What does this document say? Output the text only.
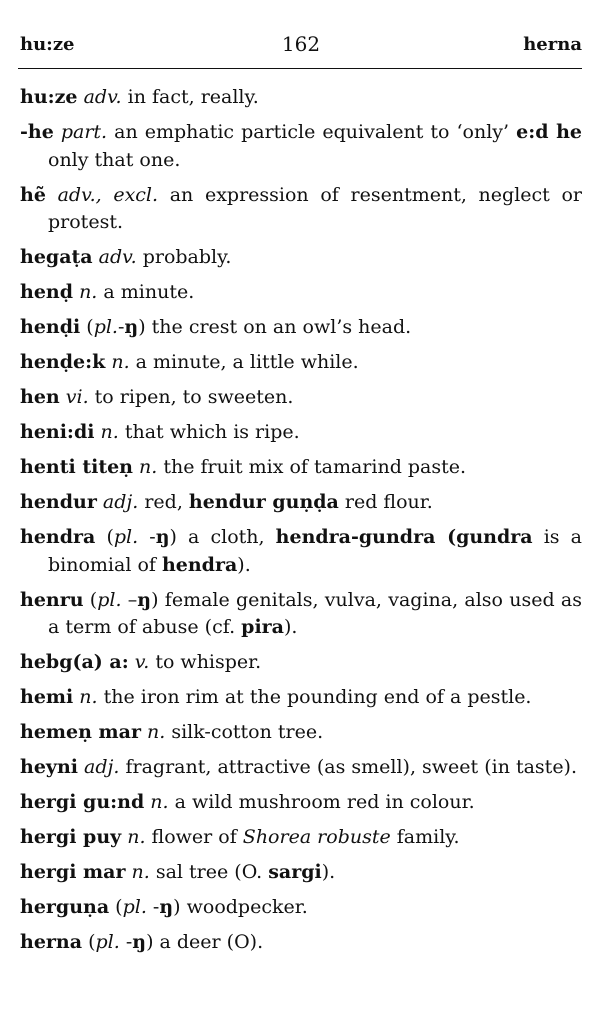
162
hu:ze	herna
hu:ze adv. in fact, really.
-he part. an emphatic particle equivalent to ‘only’ e:d he only that one.
hẽ adv., excl. an expression of resentment, neglect or protest.
hegaṭa adv. probably.
henḍ n. a minute.
henḍi (pl.-ŋ) the crest on an owl’s head.
henḍe:k n. a minute, a little while.
hen vi. to ripen, to sweeten.
heni:di n. that which is ripe.
henti titeṇ n. the fruit mix of tamarind paste.
hendur adj. red, hendur guṇḍa red flour.
hendra (pl. -ŋ) a cloth, hendra-gundra (gundra is a binomial of hendra).
henru (pl. –ŋ) female genitals, vulva, vagina, also used as a term of abuse (cf. pira).
hebg(a) a: v. to whisper.
hemi n. the iron rim at the pounding end of a pestle.
hemeṇ mar n. silk-cotton tree.
heyni adj. fragrant, attractive (as smell), sweet (in taste).
hergi gu:nd n. a wild mushroom red in colour.
hergi puy n. flower of Shorea robuste family.
hergi mar n. sal tree (O. sargi).
herguṇa (pl. -ŋ) woodpecker.
herna (pl. -ŋ) a deer (O).
